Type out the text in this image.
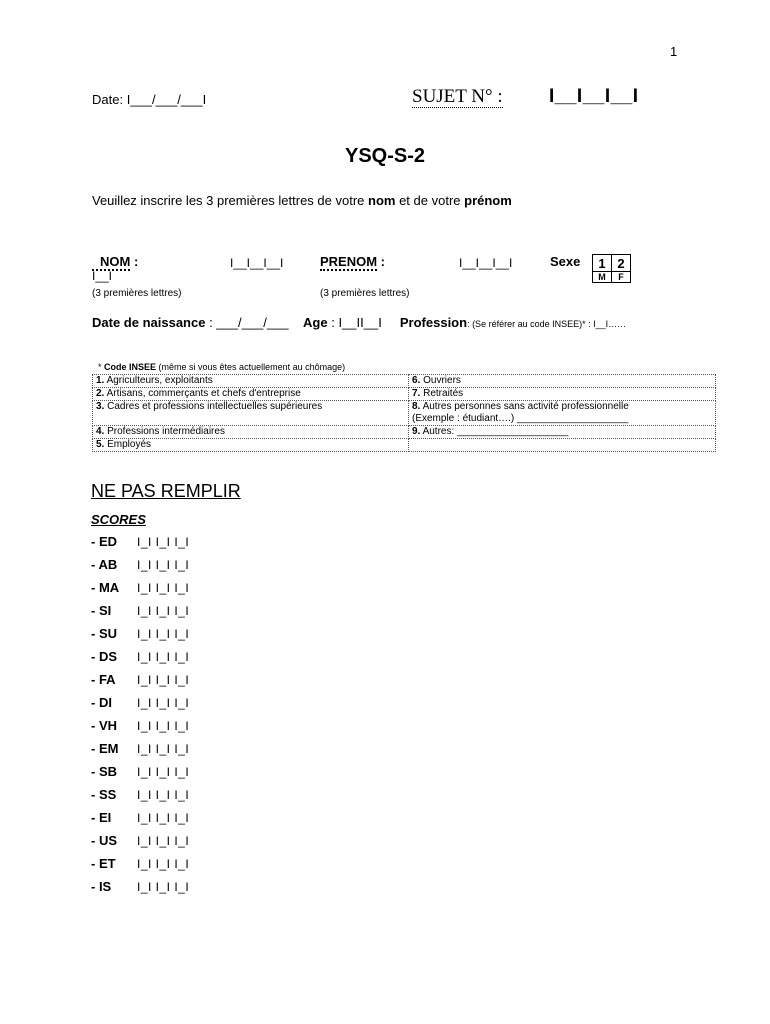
1
Date: I___/___/___I	SUJET N° : I__I__I__I
YSQ-S-2
Veuillez inscrire les 3 premières lettres de votre nom et de votre prénom
NOM :	I__I__I__I
I__I
(3 premières lettres)
PRENOM :	I__I__I__I
(3 premières lettres)
Sexe 1	2
M	F
Date de naissance : ___/___/___ Age : I__II__I Profession: (Se référer au code INSEE)* : I__I……
* Code INSEE (même si vous êtes actuellement au chômage)
1. Agriculteurs, exploitants	6. Ouvriers
2. Artisans, commerçants et chefs d'entreprise	7. Retraités
3. Cadres et professions intellectuelles supérieures	8. Autres personnes sans activité professionnelle
(Exemple : étudiant….) ____________________
4. Professions intermédiaires	9. Autres: ____________________
5. Employés	
NE PAS REMPLIR
SCORES
- ED I_I I_I I_I
- AB I_I I_I I_I
- MA I_I I_I I_I
- SI I_I I_I I_I
- SU I_I I_I I_I
- DS I_I I_I I_I
- FA I_I I_I I_I
- DI I_I I_I I_I
- VH I_I I_I I_I
- EM I_I I_I I_I
- SB I_I I_I I_I
- SS I_I I_I I_I
- EI I_I I_I I_I
- US I_I I_I I_I
- ET I_I I_I I_I
- IS I_I I_I I_I
